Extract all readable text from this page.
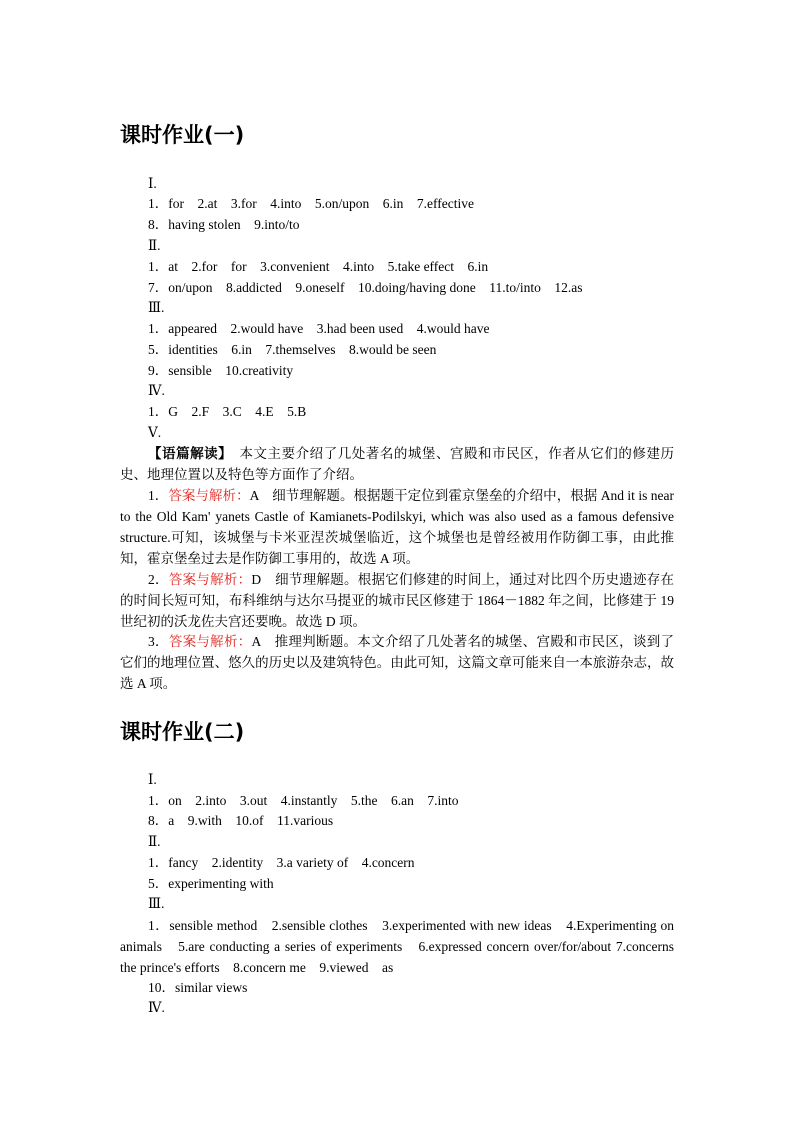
课时作业(一)
Ⅰ.
1．for　2.at　3.for　4.into　5.on/upon　6.in　7.effective
8．having stolen　9.into/to
Ⅱ.
1．at　2.for　for　3.convenient　4.into　5.take effect　6.in
7．on/upon　8.addicted　9.oneself　10.doing/having done　11.to/into　12.as
Ⅲ.
1．appeared　2.would have　3.had been used　4.would have
5．identities　6.in　7.themselves　8.would be seen
9．sensible　10.creativity
Ⅳ.
1．G　2.F　3.C　4.E　5.B
Ⅴ.
【语篇解读】　本文主要介绍了几处著名的城堡、宫殿和市民区，作者从它们的修建历史、地理位置以及特色等方面作了介绍。
1．答案与解析：A　细节理解题。根据题干定位到霍京堡垒的介绍中，根据 And it is near to the Old Kam' yanets Castle of Kamianets-Podilskyi, which was also used as a famous defensive structure.可知，该城堡与卡米亚涅茨城堡临近，这个城堡也是曾经被用作防御工事，由此推知，霍京堡垒过去是作防御工事用的，故选 A 项。
2．答案与解析：D　细节理解题。根据它们修建的时间上，通过对比四个历史遗迹存在的时间长短可知，布科维纳与达尔马提亚的城市民区修建于 1864－1882 年之间，比修建于 19 世纪初的沃龙佐夫宫还要晚。故选 D 项。
3．答案与解析：A　推理判断题。本文介绍了几处著名的城堡、宫殿和市民区，谈到了它们的地理位置、悠久的历史以及建筑特色。由此可知，这篇文章可能来自一本旅游杂志，故选 A 项。
课时作业(二)
Ⅰ.
1．on　2.into　3.out　4.instantly　5.the　6.an　7.into
8．a　9.with　10.of　11.various
Ⅱ.
1．fancy　2.identity　3.a variety of　4.concern
5．experimenting with
Ⅲ.
1．sensible method　2.sensible clothes　3.experimented with new ideas　4.Experimenting on animals　5.are conducting a series of experiments　6.expressed concern over/for/about 7.concerns the prince's efforts　8.concern me　9.viewed　as
10．similar views
Ⅳ.
